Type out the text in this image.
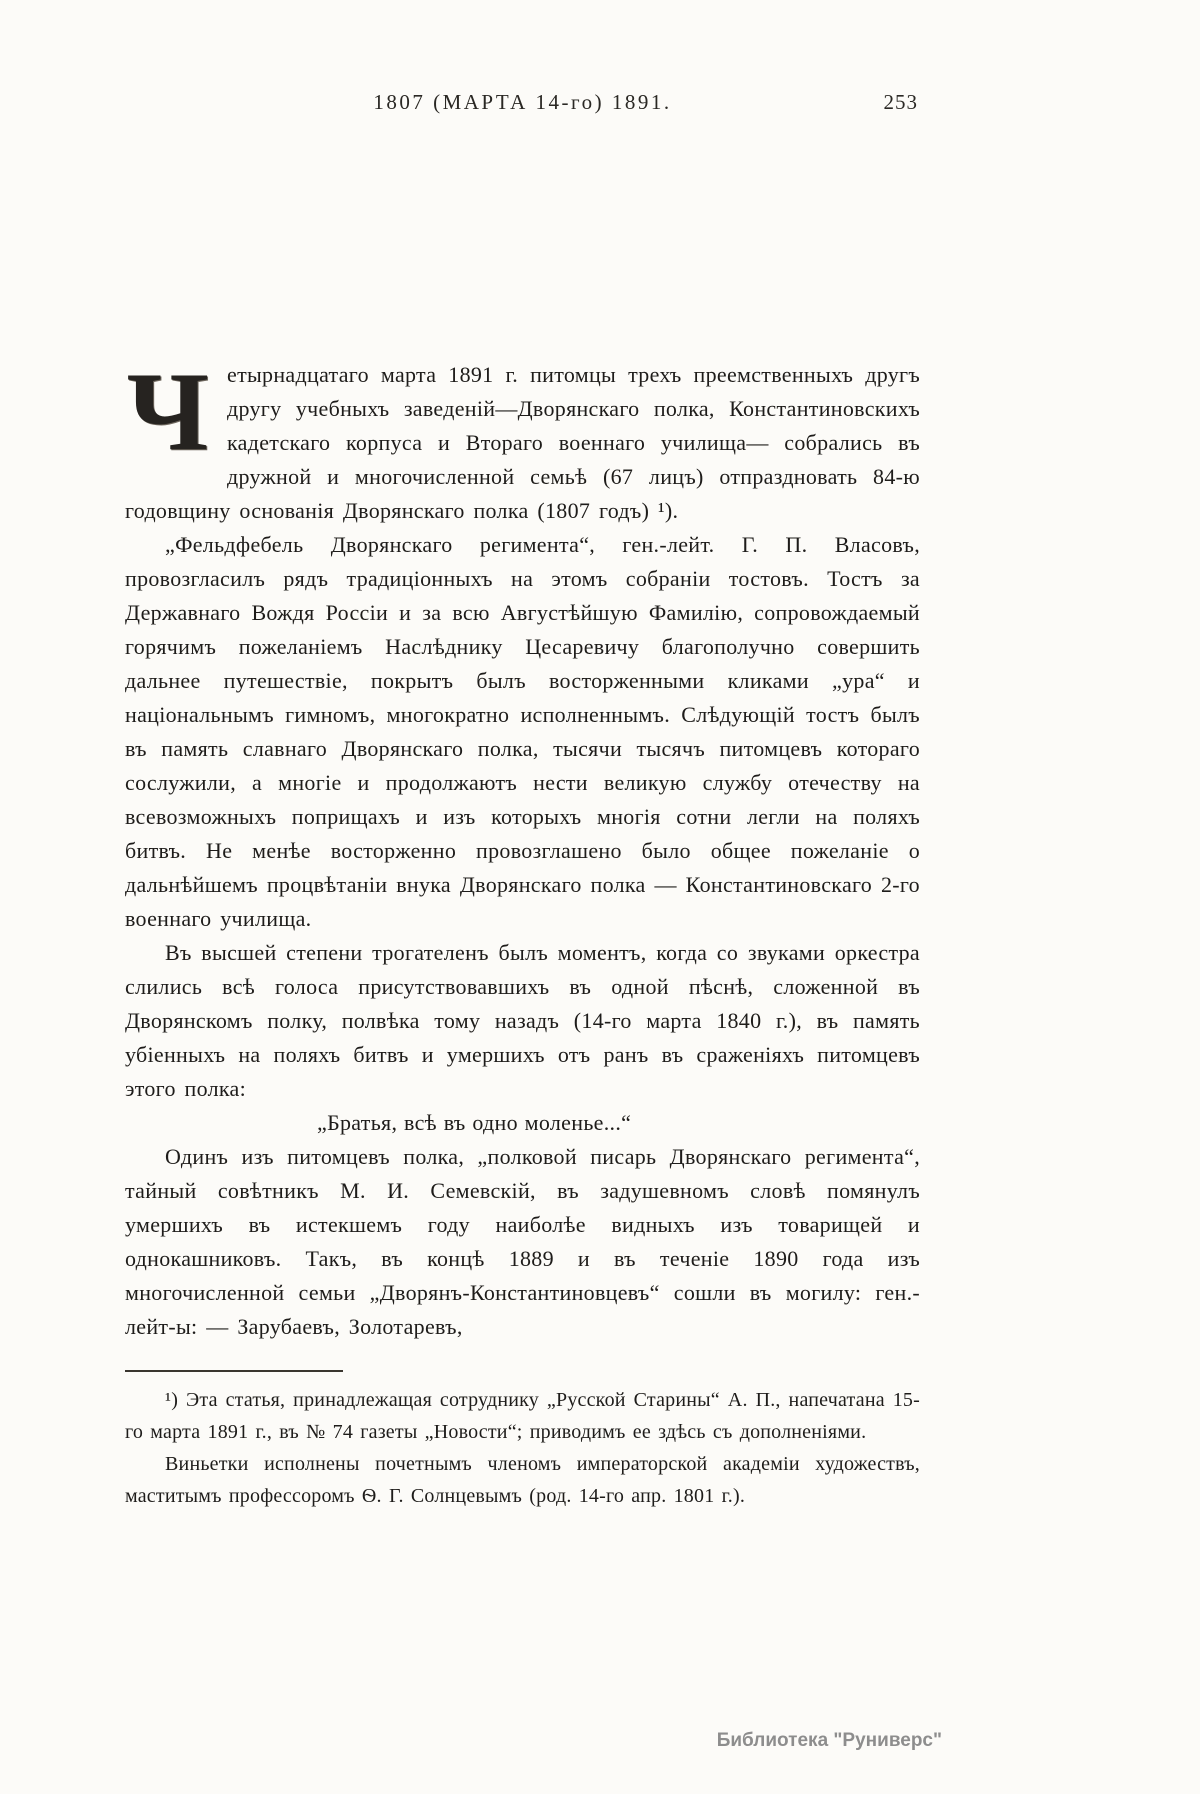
1807 (МАРТА 14-го) 1891.	253
Ч етырнадцатаго марта 1891 г. питомцы трехъ преемственныхъ другъ другу учебныхъ заведеній—Дворянскаго полка, Константиновскихъ кадетскаго корпуса и Втораго военнаго училища— собрались въ дружной и многочисленной семьѣ (67 лицъ) отпраздновать 84-ю годовщину основанія Дворянскаго полка (1807 годъ) ¹).

„Фельдфебель Дворянскаго регимента“, ген.-лейт. Г. П. Власовъ, провозгласилъ рядъ традиціонныхъ на этомъ собраніи тостовъ. Тостъ за Державнаго Вождя Россіи и за всю Августѣйшую Фамилію, сопровождаемый горячимъ пожеланіемъ Наслѣднику Цесаревичу благополучно совершить дальнее путешествіе, покрытъ былъ восторженными кликами „ура“ и національнымъ гимномъ, многократно исполненнымъ. Слѣдующій тостъ былъ въ память славнаго Дворянскаго полка, тысячи тысячъ питомцевъ котораго сослужили, а многіе и продолжаютъ нести великую службу отечеству на всевозможныхъ поприщахъ и изъ которыхъ многія сотни легли на поляхъ битвъ. Не менѣе восторженно провозглашено было общее пожеланіе о дальнѣйшемъ процвѣтаніи внука Дворянскаго полка — Константиновскаго 2-го военнаго училища.

Въ высшей степени трогателенъ былъ моментъ, когда со звуками оркестра слились всѣ голоса присутствовавшихъ въ одной пѣснѣ, сложенной въ Дворянскомъ полку, полвѣка тому назадъ (14-го марта 1840 г.), въ память убіенныхъ на поляхъ битвъ и умершихъ отъ ранъ въ сраженіяхъ питомцевъ этого полка:

„Братья, всѣ въ одно моленье...“

Одинъ изъ питомцевъ полка, „полковой писарь Дворянскаго регимента“, тайный совѣтникъ М. И. Семевскій, въ задушевномъ словѣ помянулъ умершихъ въ истекшемъ году наиболѣе видныхъ изъ товарищей и однокашниковъ. Такъ, въ концѣ 1889 и въ теченіе 1890 года изъ многочисленной семьи „Дворянъ-Константиновцевъ“ сошли въ могилу: ген.-лейт-ы: — Зарубаевъ, Золотаревъ,

¹) Эта статья, принадлежащая сотруднику „Русской Старины“ А. П., напечатана 15-го марта 1891 г., въ № 74 газеты „Новости“; приводимъ ее здѣсь съ дополненіями.

Виньетки исполнены почетнымъ членомъ императорской академіи художествъ, маститымъ профессоромъ Ѳ. Г. Солнцевымъ (род. 14-го апр. 1801 г.).

Библиотека "Руниверс"
